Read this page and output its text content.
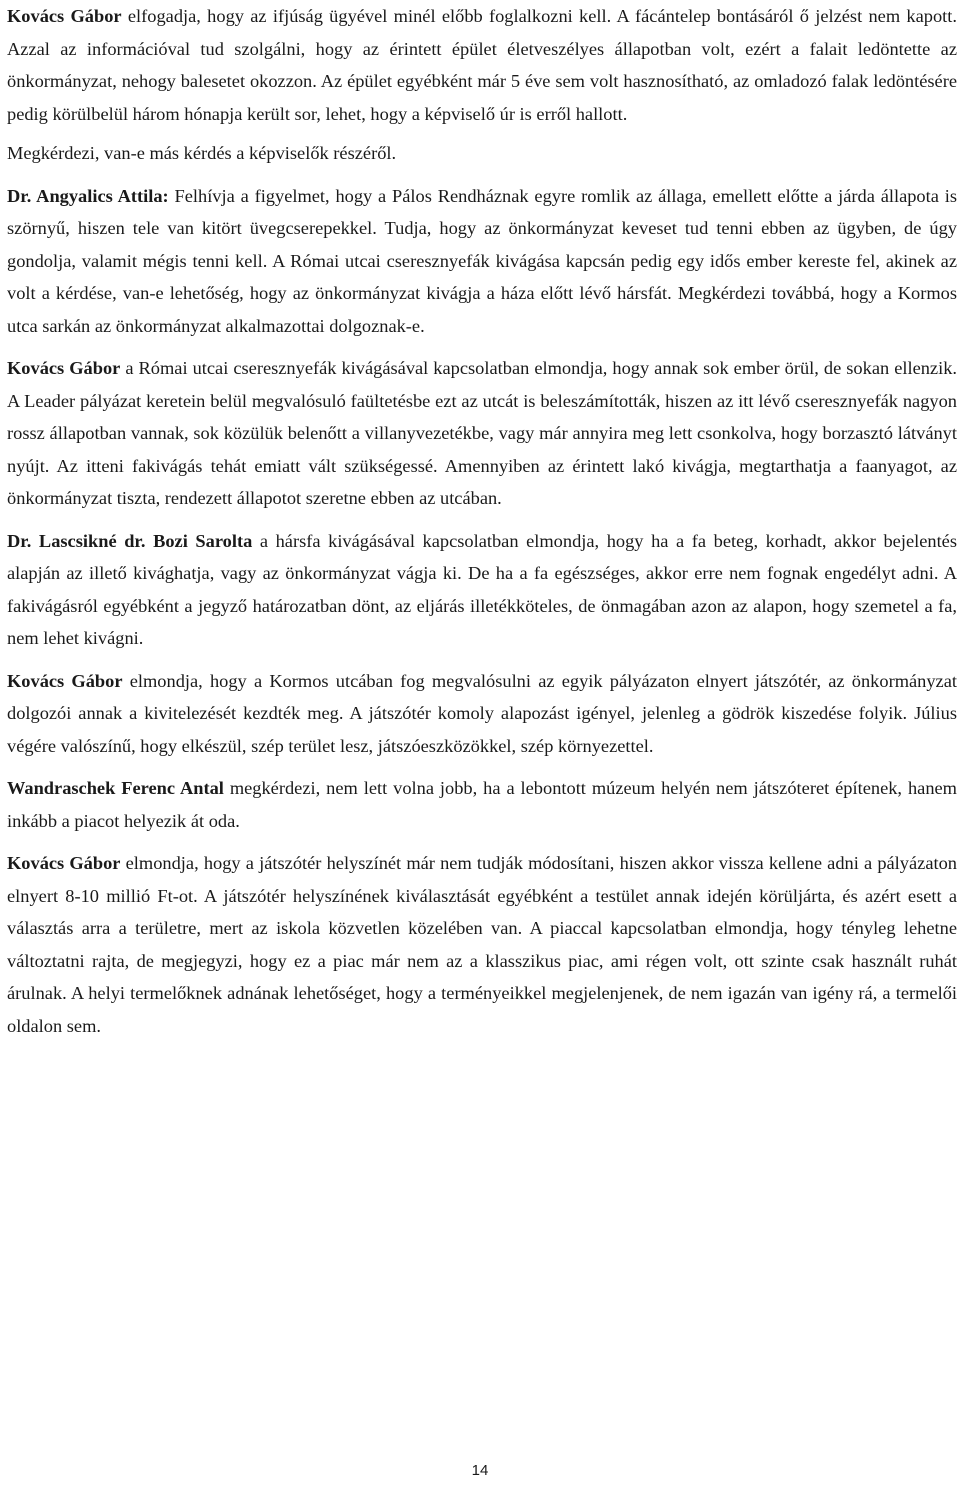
Kovács Gábor elfogadja, hogy az ifjúság ügyével minél előbb foglalkozni kell. A fácántelep bontásáról ő jelzést nem kapott. Azzal az információval tud szolgálni, hogy az érintett épület életveszélyes állapotban volt, ezért a falait ledöntette az önkormányzat, nehogy balesetet okozzon. Az épület egyébként már 5 éve sem volt hasznosítható, az omladozó falak ledöntésére pedig körülbelül három hónapja került sor, lehet, hogy a képviselő úr is erről hallott.

Megkérdezi, van-e más kérdés a képviselők részéről.

Dr. Angyalics Attila: Felhívja a figyelmet, hogy a Pálos Rendháznak egyre romlik az állaga, emellett előtte a járda állapota is szörnyű, hiszen tele van kitört üvegcserepekkel. Tudja, hogy az önkormányzat keveset tud tenni ebben az ügyben, de úgy gondolja, valamit mégis tenni kell. A Római utcai cseresznyefák kivágása kapcsán pedig egy idős ember kereste fel, akinek az volt a kérdése, van-e lehetőség, hogy az önkormányzat kivágja a háza előtt lévő hársfát. Megkérdezi továbbá, hogy a Kormos utca sarkán az önkormányzat alkalmazottai dolgoznak-e.

Kovács Gábor a Római utcai cseresznyefák kivágásával kapcsolatban elmondja, hogy annak sok ember örül, de sokan ellenzik. A Leader pályázat keretein belül megvalósuló faültetésbe ezt az utcát is beleszámították, hiszen az itt lévő cseresznyefák nagyon rossz állapotban vannak, sok közülük belenőtt a villanyvezetékbe, vagy már annyira meg lett csonkolva, hogy borzasztó látványt nyújt. Az itteni fakivágás tehát emiatt vált szükségessé. Amennyiben az érintett lakó kivágja, megtarthatja a faanyagot, az önkormányzat tiszta, rendezett állapotot szeretne ebben az utcában.

Dr. Lascsikné dr. Bozi Sarolta a hársfa kivágásával kapcsolatban elmondja, hogy ha a fa beteg, korhadt, akkor bejelentés alapján az illető kivághatja, vagy az önkormányzat vágja ki. De ha a fa egészséges, akkor erre nem fognak engedélyt adni. A fakivágásról egyébként a jegyző határozatban dönt, az eljárás illetékköteles, de önmagában azon az alapon, hogy szemetel a fa, nem lehet kivágni.

Kovács Gábor elmondja, hogy a Kormos utcában fog megvalósulni az egyik pályázaton elnyert játszótér, az önkormányzat dolgozói annak a kivitelezését kezdték meg. A játszótér komoly alapozást igényel, jelenleg a gödrök kiszedése folyik. Július végére valószínű, hogy elkészül, szép terület lesz, játszóeszközökkel, szép környezettel.

Wandraschek Ferenc Antal megkérdezi, nem lett volna jobb, ha a lebontott múzeum helyén nem játszóteret építenek, hanem inkább a piacot helyezik át oda.

Kovács Gábor elmondja, hogy a játszótér helyszínét már nem tudják módosítani, hiszen akkor vissza kellene adni a pályázaton elnyert 8-10 millió Ft-ot. A játszótér helyszínének kiválasztását egyébként a testület annak idején körüljárta, és azért esett a választás arra a területre, mert az iskola közvetlen közelében van. A piaccal kapcsolatban elmondja, hogy tényleg lehetne változtatni rajta, de megjegyzi, hogy ez a piac már nem az a klasszikus piac, ami régen volt, ott szinte csak használt ruhát árulnak. A helyi termelőknek adnának lehetőséget, hogy a terményeikkel megjelenjenek, de nem igazán van igény rá, a termelői oldalon sem.

14
